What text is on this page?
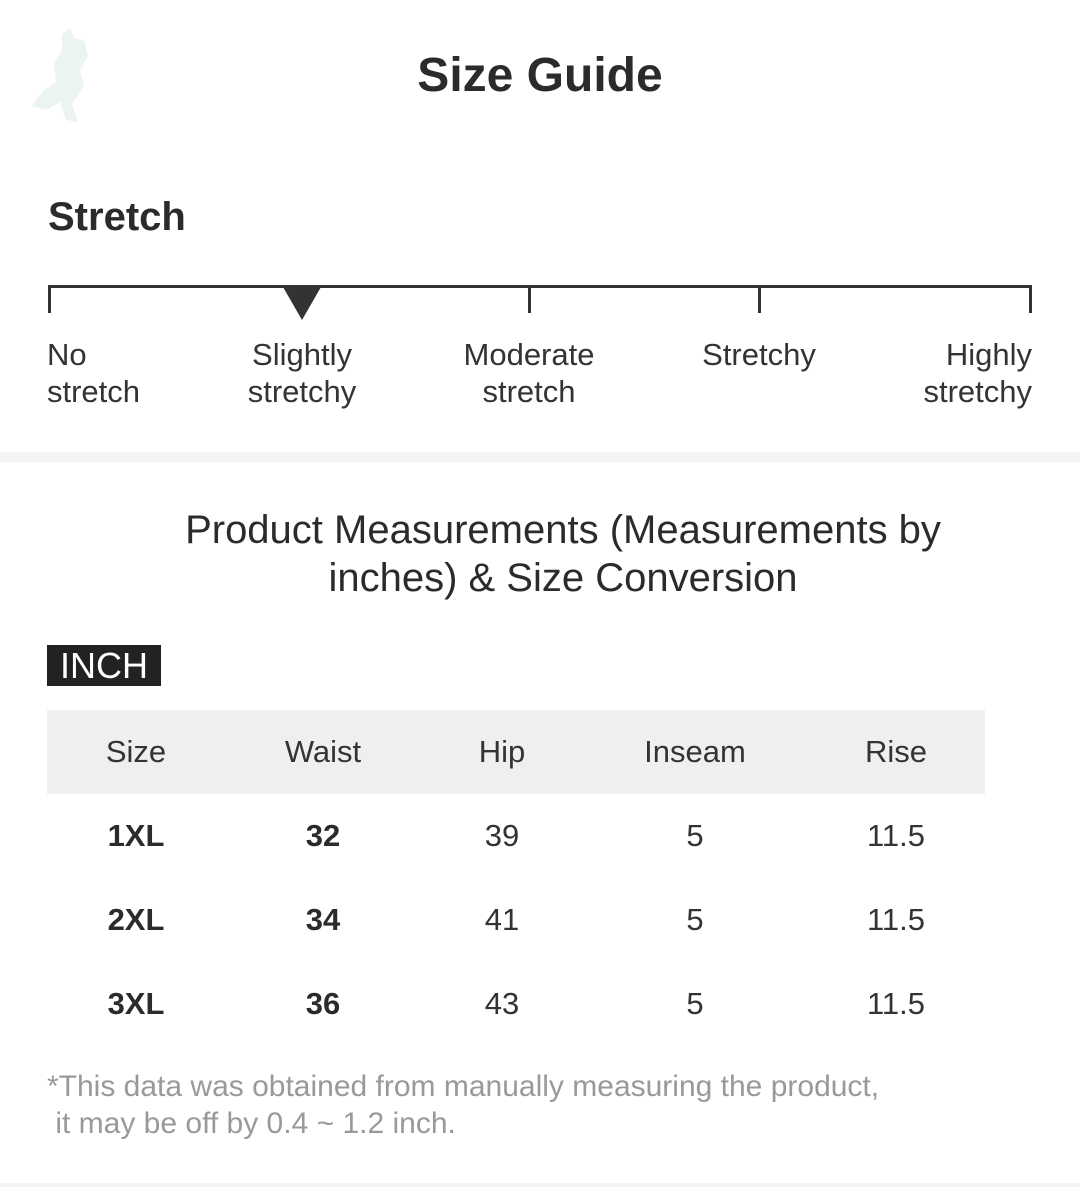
Size Guide
Stretch
No
stretch
Slightly
stretchy
Moderate
stretch
Stretchy	Highly
stretchy
Product Measurements (Measurements by inches) & Size Conversion
INCH
Size	Waist	Hip	Inseam	Rise
1XL	32	39	5	11.5
2XL	34	41	5	11.5
3XL	36	43	5	11.5
*This data was obtained from manually measuring the product,
it may be off by 0.4 ~ 1.2 inch.
